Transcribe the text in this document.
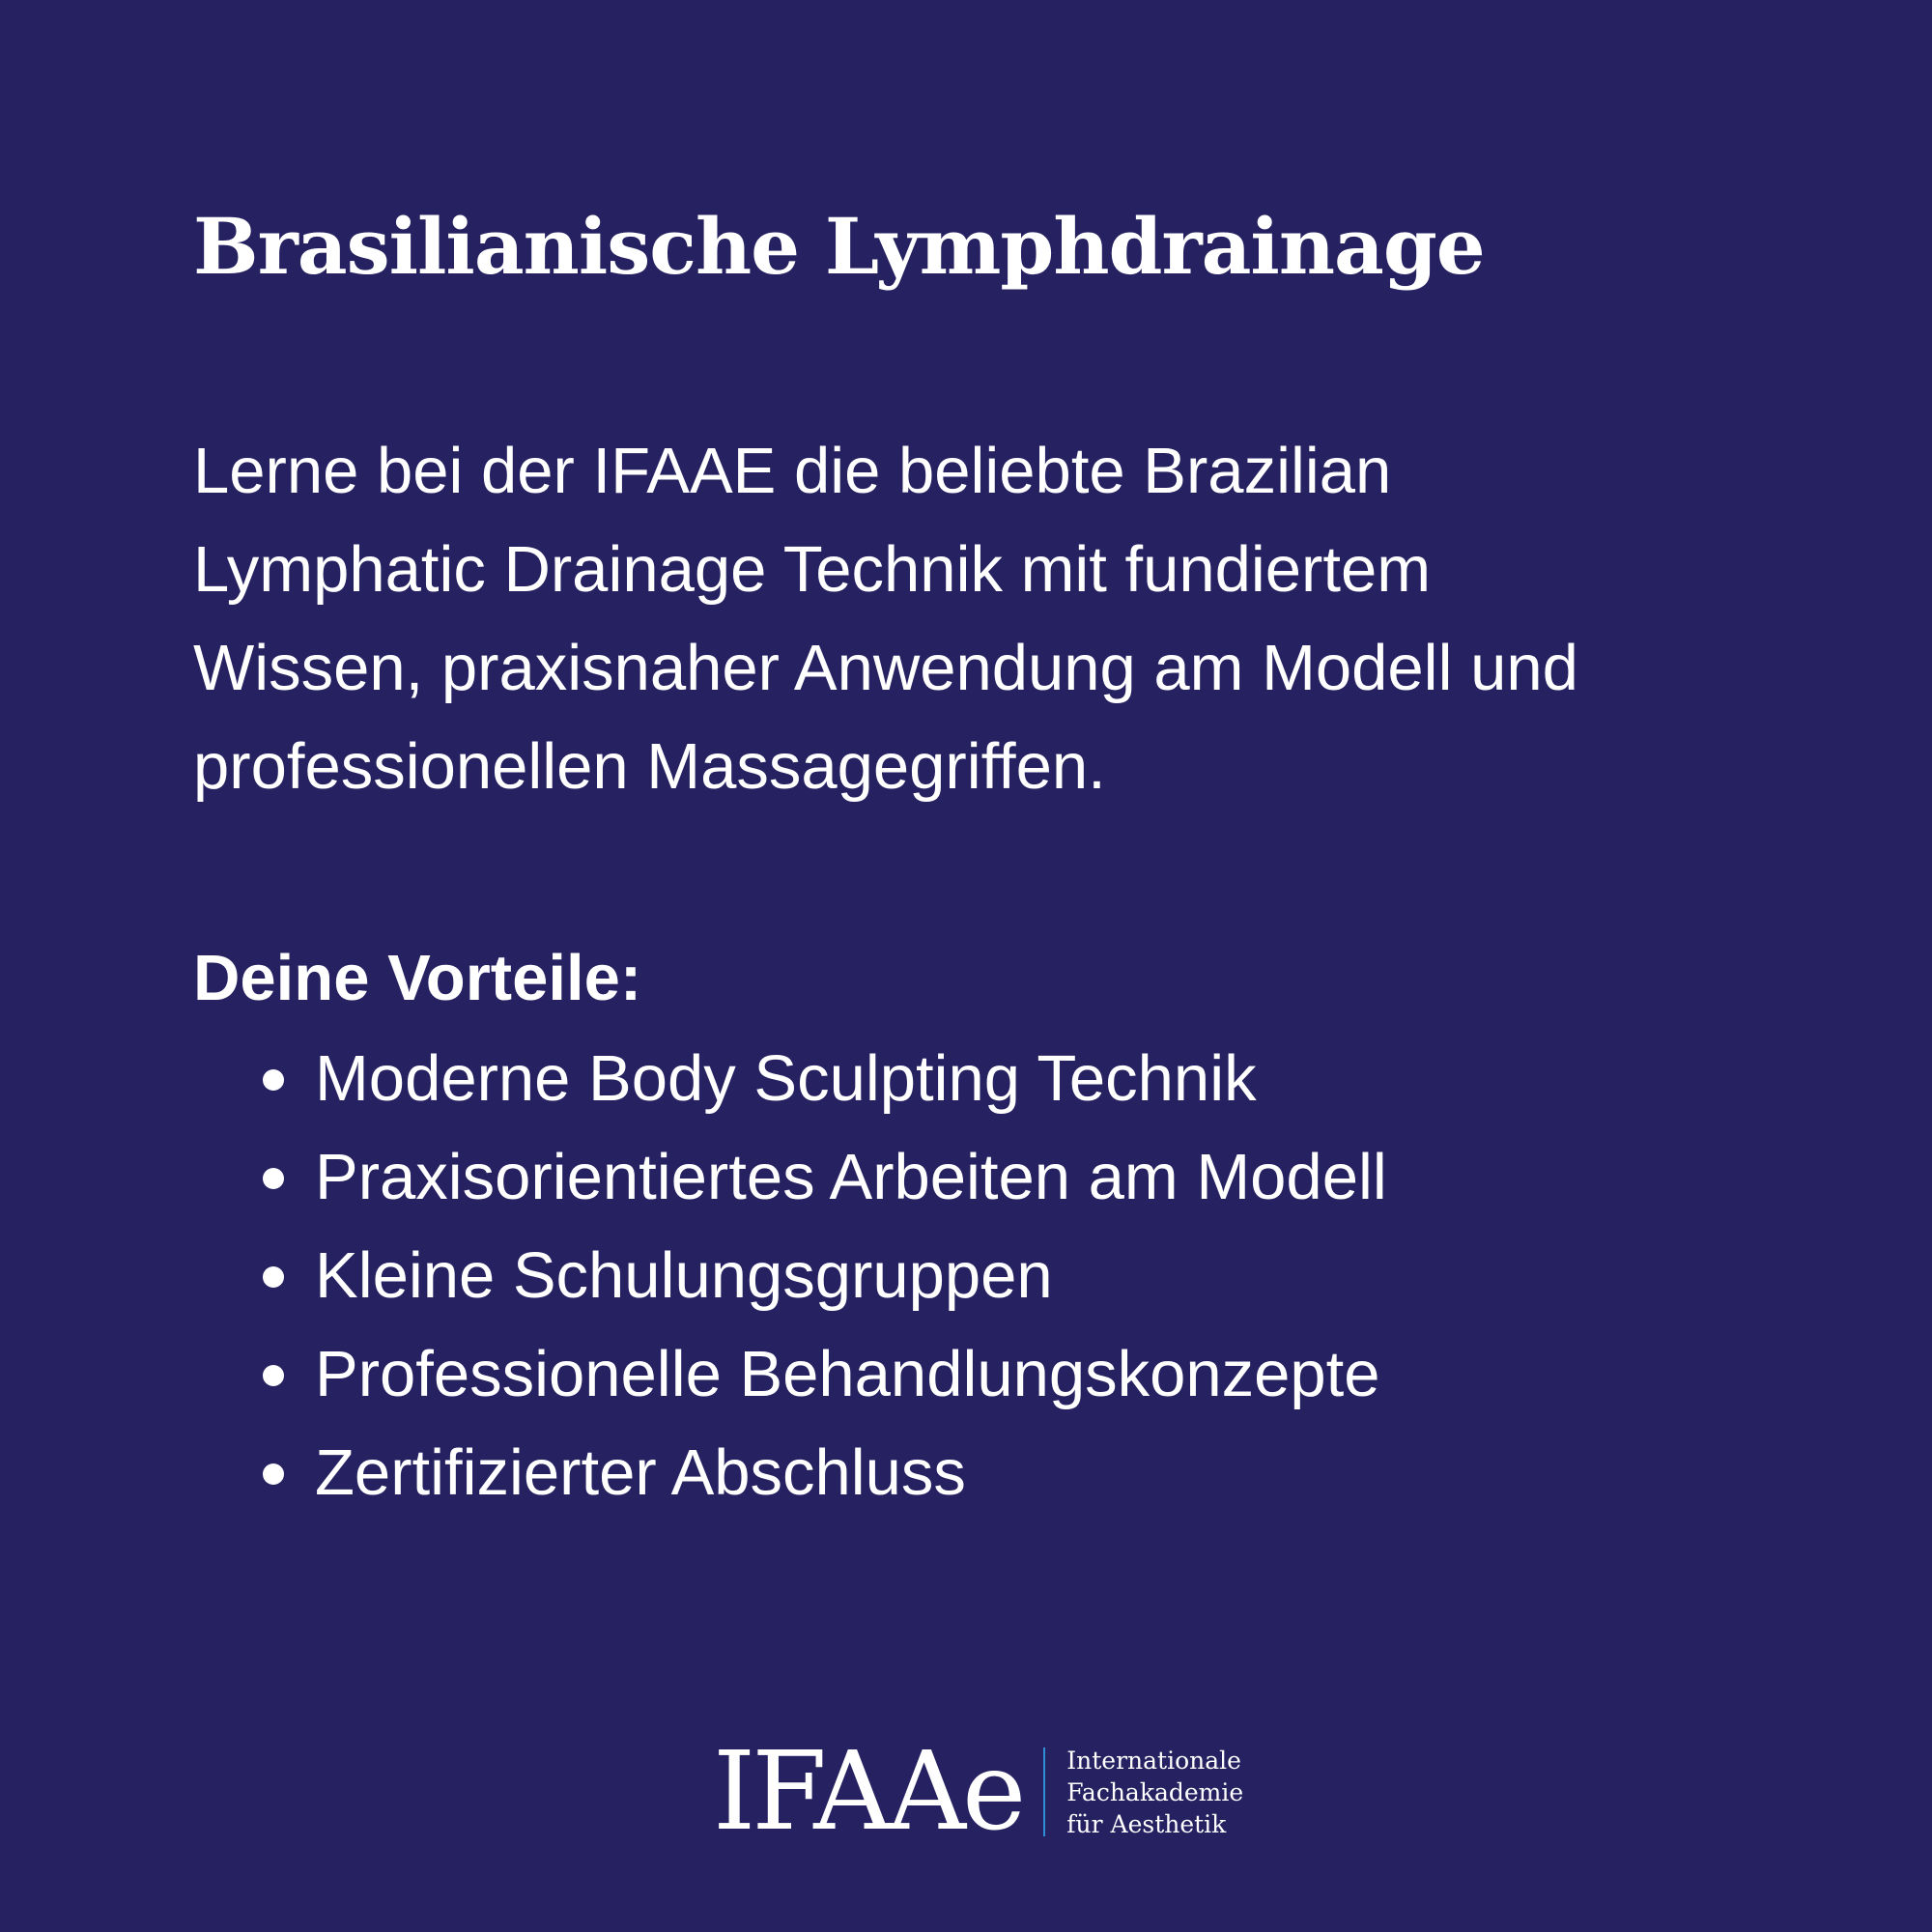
Brasilianische Lymphdrainage

Lerne bei der IFAAE die beliebte Brazilian
Lymphatic Drainage Technik mit fundiertem
Wissen, praxisnaher Anwendung am Modell und
professionellen Massagegriffen.

Deine Vorteile:
Moderne Body Sculpting Technik
Praxisorientiertes Arbeiten am Modell
Kleine Schulungsgruppen
Professionelle Behandlungskonzepte
Zertifizierter Abschluss
IFAAe Internationale
Fachakademie
für Aesthetik
